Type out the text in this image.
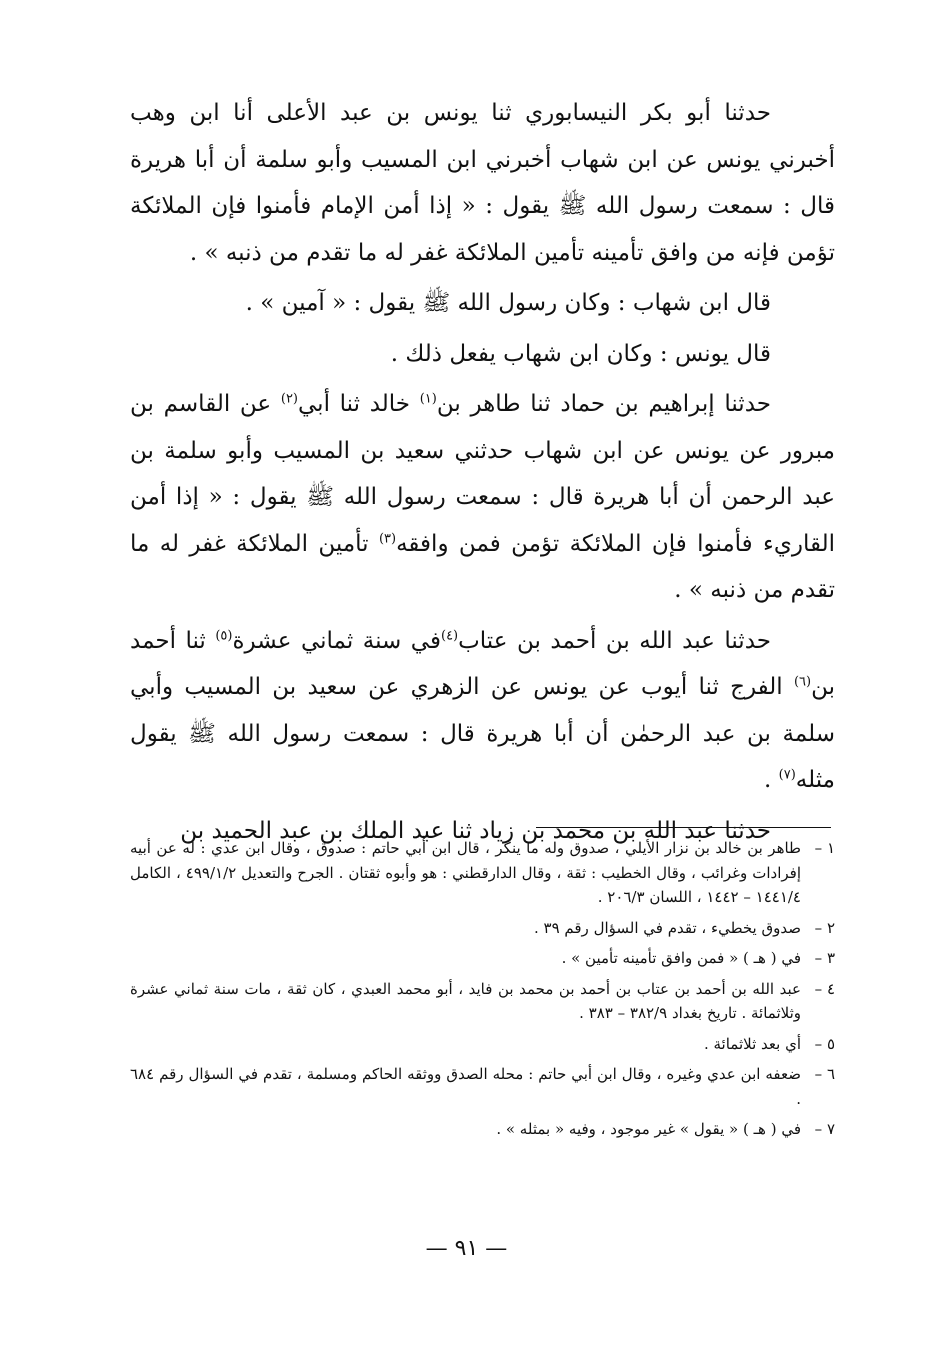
حدثنا أبو بكر النيسابوري ثنا يونس بن عبد الأعلى أنا ابن وهب أخبرني يونس عن ابن شهاب أخبرني ابن المسيب وأبو سلمة أن أبا هريرة قال : سمعت رسول الله ﷺ يقول : « إذا أمن الإمام فأمنوا فإن الملائكة تؤمن فإنه من وافق تأمينه تأمين الملائكة غفر له ما تقدم من ذنبه » .

قال ابن شهاب : وكان رسول الله ﷺ يقول : « آمين » .

قال يونس : وكان ابن شهاب يفعل ذلك .

حدثنا إبراهيم بن حماد ثنا طاهر بن$^{(١)}$ خالد ثنا أبي$^{(٢)}$ عن القاسم بن مبرور عن يونس عن ابن شهاب حدثني سعيد بن المسيب وأبو سلمة بن عبد الرحمن أن أبا هريرة قال : سمعت رسول الله ﷺ يقول : « إذا أمن القاريء فأمنوا فإن الملائكة تؤمن فمن وافقه$^{(٣)}$ تأمين الملائكة غفر له ما تقدم من ذنبه » .

حدثنا عبد الله بن أحمد بن عتاب$^{(٤)}$في سنة ثماني عشرة$^{(٥)}$ ثنا أحمد بن$^{(٦)}$ الفرج ثنا أيوب عن يونس عن الزهري عن سعيد بن المسيب وأبي سلمة بن عبد الرحمٰن أن أبا هريرة قال : سمعت رسول الله ﷺ يقول مثله$^{(٧)}$ .

حدثنا عبد الله بن محمد بن زياد ثنا عبد الملك بن عبد الحميد بن

١ –طاهر بن خالد بن نزار الأيلي ، صدوق وله ما ينكر ، قال ابن أبي حاتم : صدوق ، وقال ابن عدي : له عن أبيه إفرادات وغرائب ، وقال الخطيب : ثقة ، وقال الدارقطني : هو وأبوه ثقتان . الجرح والتعديل ٤٩٩/١/٢ ، الكامل ١٤٤١/٤ – ١٤٤٢ ، اللسان ٢٠٦/٣ .

٢ –صدوق يخطيء ، تقدم في السؤال رقم ٣٩ .

٣ –في ( هـ ) « فمن وافق تأمينه تأمين » .

٤ –عبد الله بن أحمد بن عتاب بن أحمد بن محمد بن فايد ، أبو محمد العبدي ، كان ثقة ، مات سنة ثماني عشرة وثلاثمائة . تاريخ بغداد ٣٨٢/٩ – ٣٨٣ .

٥ –أي بعد ثلاثمائة .

٦ –ضعفه ابن عدي وغيره ، وقال ابن أبي حاتم : محله الصدق ووثقه الحاكم ومسلمة ، تقدم في السؤال رقم ٦٨٤ .

٧ –في ( هـ ) « يقول » غير موجود ، وفيه « بمثله » .

— ٩١ —
